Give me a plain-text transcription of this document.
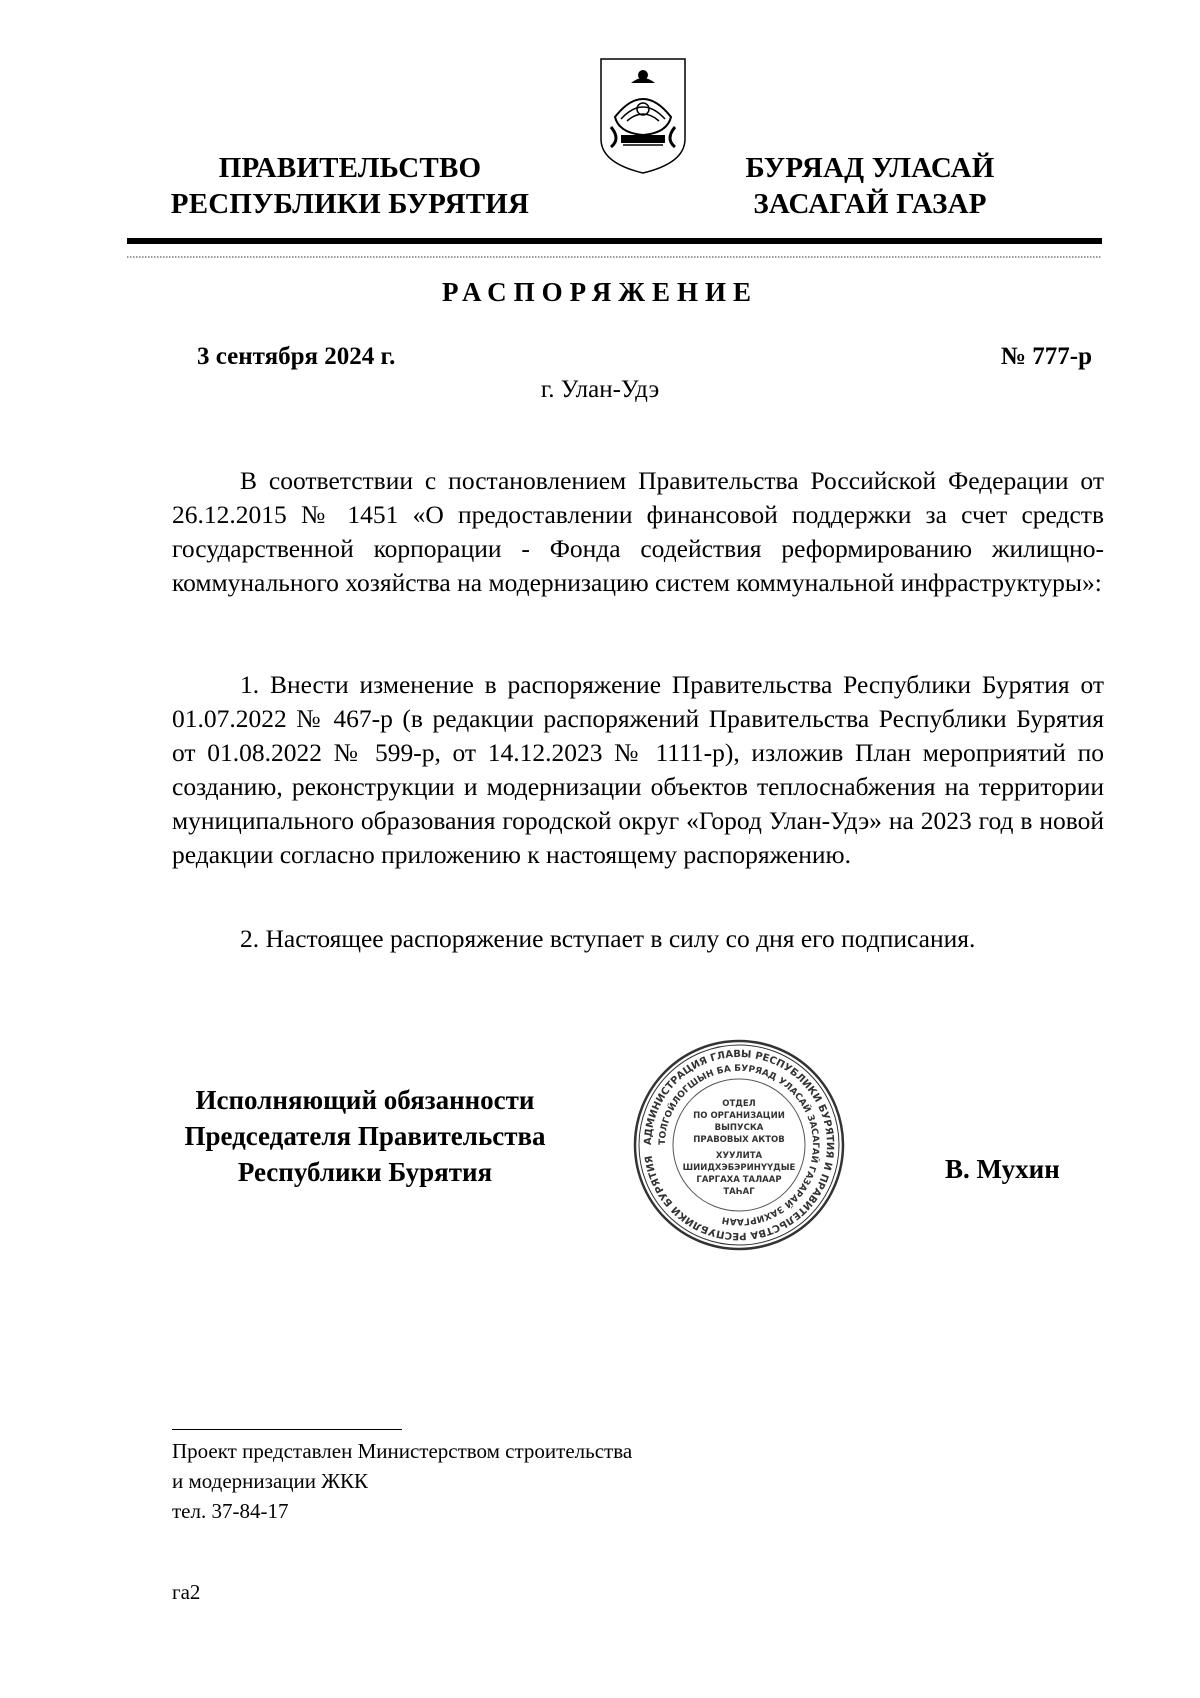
ПРАВИТЕЛЬСТВО
РЕСПУБЛИКИ БУРЯТИЯ
БУРЯАД УЛАСАЙ
ЗАСАГАЙ ГАЗАР
РАСПОРЯЖЕНИЕ
3 сентября 2024 г.	№ 777-р
г. Улан-Удэ
В соответствии с постановлением Правительства Российской Федерации от 26.12.2015 № 1451 «О предоставлении финансовой поддержки за счет средств государственной корпорации - Фонда содействия реформированию жилищно-коммунального хозяйства на модернизацию систем коммунальной инфраструктуры»:
1. Внести изменение в распоряжение Правительства Республики Бурятия от 01.07.2022 № 467-р (в редакции распоряжений Правительства Республики Бурятия от 01.08.2022 № 599-р, от 14.12.2023 № 1111-р), изложив План мероприятий по созданию, реконструкции и модернизации объектов теплоснабжения на территории муниципального образования городской округ «Город Улан-Удэ» на 2023 год в новой редакции согласно приложению к настоящему распоряжению.
2. Настоящее распоряжение вступает в силу со дня его подписания.
Исполняющий обязанности
Председателя Правительства
Республики Бурятия
АДМИНИСТРАЦИЯ ГЛАВЫ РЕСПУБЛИКИ БУРЯТИЯ И ПРАВИТЕЛЬСТВА РЕСПУБЛИКИ БУРЯТИЯ
ТОЛГОЙЛОГШЫН БА БУРЯАД УЛАСАЙ ЗАСАГАЙ ГАЗАРАЙ ЗАХИРГААН
ОТДЕЛ
ПО ОРГАНИЗАЦИИ
ВЫПУСКА
ПРАВОВЫХ АКТОВ
ХУУЛИТА
ШИИДХЭБЭРИНҮҮДЫЕ
ГАРГАХА ТАЛААР
ТАҺАГ
В. Мухин
Проект представлен Министерством строительства
и модернизации ЖКК
тел. 37-84-17
га2
